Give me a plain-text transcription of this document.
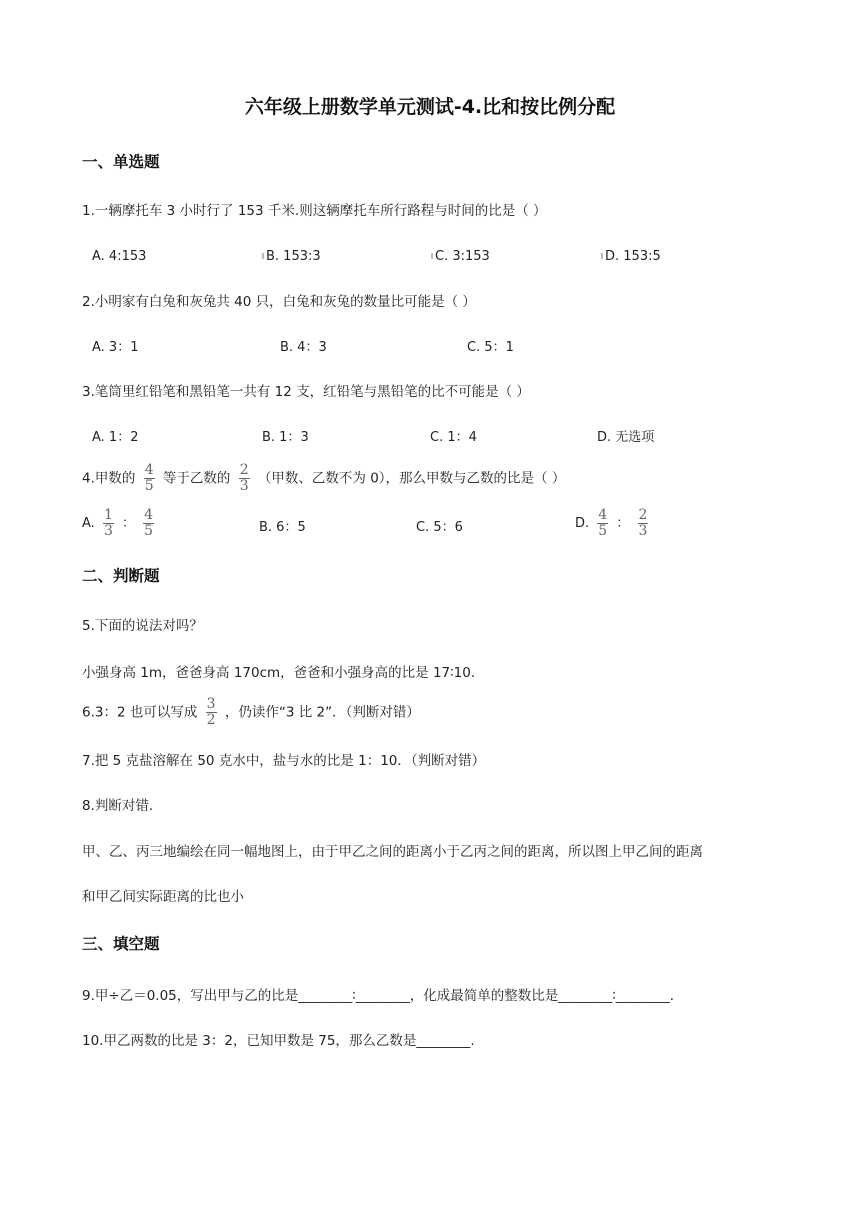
六年级上册数学单元测试-4.比和按比例分配
一、单选题
1.一辆摩托车 3 小时行了 153 千米.则这辆摩托车所行路程与时间的比是（ ）
A. 4:153	B. 153:3	C. 3:153	D. 153:5
2.小明家有白兔和灰兔共 40 只，白兔和灰兔的数量比可能是（ ）
A. 3：1	B. 4：3	C. 5：1
3.笔筒里红铅笔和黑铅笔一共有 12 支，红铅笔与黑铅笔的比不可能是（ ）
A. 1：2	B. 1：3	C. 1：4	D. 无选项
4.甲数的 $\frac{4}{5}$ 等于乙数的 $\frac{2}{3}$ （甲数、乙数不为 0），那么甲数与乙数的比是（ ）
A. $\frac{1}{3}$ ： $\frac{4}{5}$	B. 6：5	C. 5：6	D. $\frac{4}{5}$ ： $\frac{2}{3}$
二、判断题
5.下面的说法对吗？
小强身高 1m，爸爸身高 170cm，爸爸和小强身高的比是 17∶10.
6.3：2 也可以写成 $\frac{3}{2}$ ，仍读作“3 比 2”．（判断对错）
7.把 5 克盐溶解在 50 克水中，盐与水的比是 1：10．（判断对错）
8.判断对错.
甲、乙、丙三地编绘在同一幅地图上，由于甲乙之间的距离小于乙丙之间的距离，所以图上甲乙间的距离
和甲乙间实际距离的比也小
三、填空题
9.甲÷乙＝0.05，写出甲与乙的比是________∶________，化成最简单的整数比是________∶________.
10.甲乙两数的比是 3：2，已知甲数是 75，那么乙数是________.
